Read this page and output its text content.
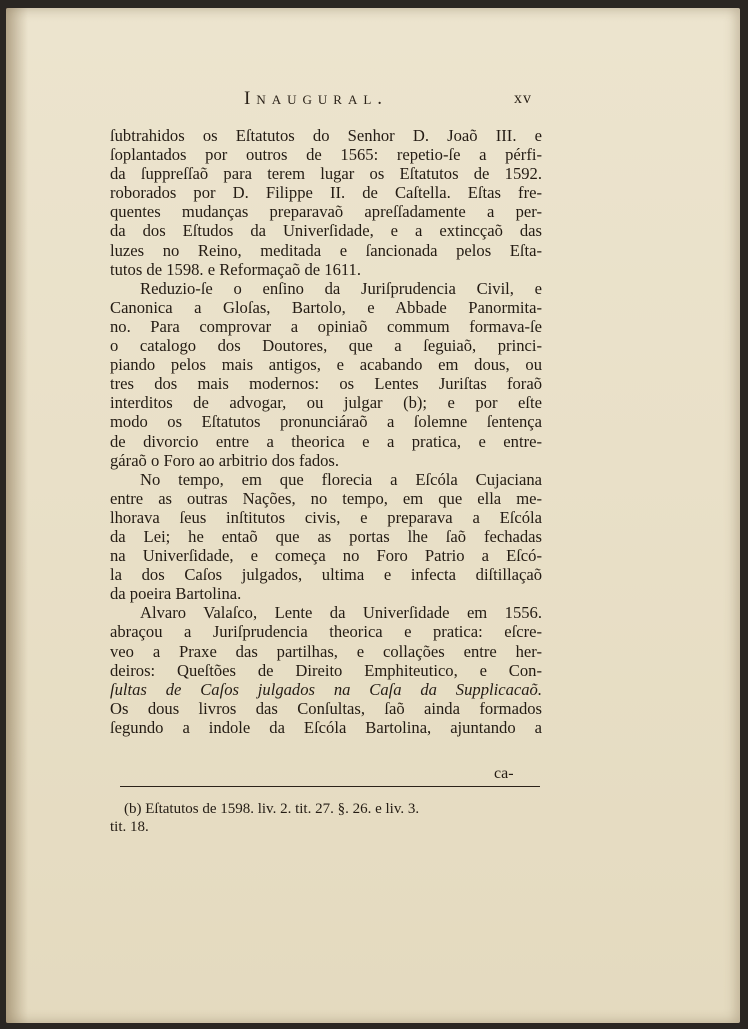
Inaugural.	xv
ſubtrahidos os Eſtatutos do Senhor D. Joaõ III. e
ſoplantados por outros de 1565: repetio-ſe a pérfi-
da ſuppreſſaõ para terem lugar os Eſtatutos de 1592.
roborados por D. Filippe II. de Caſtella. Eſtas fre-
quentes mudanças preparavaõ apreſſadamente a per-
da dos Eſtudos da Univerſidade, e a extincçaõ das
luzes no Reino, meditada e ſancionada pelos Eſta-
tutos de 1598. e Reformaçaõ de 1611.
Reduzio-ſe o enſino da Juriſprudencia Civil, e
Canonica a Gloſas, Bartolo, e Abbade Panormita-
no. Para comprovar a opiniaõ commum formava-ſe
o catalogo dos Doutores, que a ſeguiaõ, princi-
piando pelos mais antigos, e acabando em dous, ou
tres dos mais modernos: os Lentes Juriſtas foraõ
interditos de advogar, ou julgar (b); e por eſte
modo os Eſtatutos pronunciáraõ a ſolemne ſentença
de divorcio entre a theorica e a pratica, e entre-
gáraõ o Foro ao arbitrio dos fados.
No tempo, em que florecia a Eſcóla Cujaciana
entre as outras Nações, no tempo, em que ella me-
lhorava ſeus inſtitutos civis, e preparava a Eſcóla
da Lei; he entaõ que as portas lhe ſaõ fechadas
na Univerſidade, e começa no Foro Patrio a Eſcó-
la dos Caſos julgados, ultima e infecta diſtillaçaõ
da poeira Bartolina.
Alvaro Valaſco, Lente da Univerſidade em 1556.
abraçou a Juriſprudencia theorica e pratica: eſcre-
veo a Praxe das partilhas, e collações entre her-
deiros: Queſtões de Direito Emphiteutico, e Con-
ſultas de Caſos julgados na Caſa da Supplicacaõ.
Os dous livros das Conſultas, ſaõ ainda formados
ſegundo a indole da Eſcóla Bartolina, ajuntando a
ca-
(b) Eſtatutos de 1598. liv. 2. tit. 27. §. 26. e liv. 3.
tit. 18.
